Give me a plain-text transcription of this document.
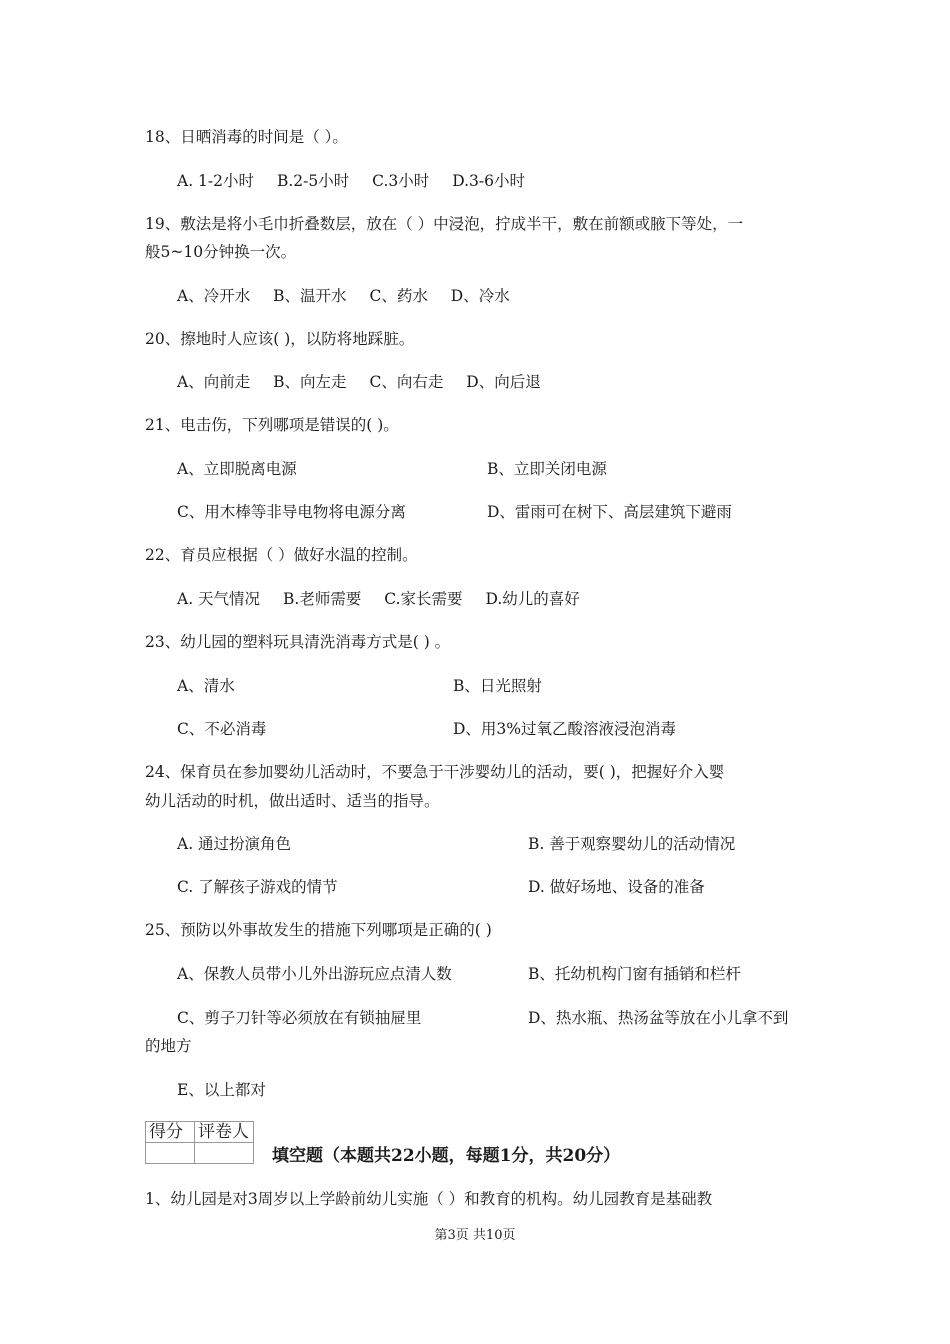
18、日晒消毒的时间是（ ）。
A. 1-2小时 B.2-5小时 C.3小时 D.3-6小时
19、敷法是将小毛巾折叠数层，放在（ ）中浸泡，拧成半干，敷在前额或腋下等处，一
般5~10分钟换一次。
A、冷开水 B、温开水 C、药水 D、冷水
20、擦地时人应该( )，以防将地踩脏。
A、向前走 B、向左走 C、向右走 D、向后退
21、电击伤，下列哪项是错误的( )。
A、立即脱离电源	B、立即关闭电源
C、用木棒等非导电物将电源分离	D、雷雨可在树下、高层建筑下避雨
22、育员应根据（ ）做好水温的控制。
A. 天气情况 B.老师需要 C.家长需要 D.幼儿的喜好
23、幼儿园的塑料玩具清洗消毒方式是( ) 。
A、清水	B、日光照射
C、不必消毒	D、用3%过氧乙酸溶液浸泡消毒
24、保育员在参加婴幼儿活动时，不要急于干涉婴幼儿的活动，要( )，把握好介入婴
幼儿活动的时机，做出适时、适当的指导。
A. 通过扮演角色	B. 善于观察婴幼儿的活动情况
C. 了解孩子游戏的情节	D. 做好场地、设备的准备
25、预防以外事故发生的措施下列哪项是正确的( )
A、保教人员带小儿外出游玩应点清人数	B、托幼机构门窗有插销和栏杆
C、剪子刀针等必须放在有锁抽屉里	D、热水瓶、热汤盆等放在小儿拿不到
的地方
E、以上都对
得分	评卷人

填空题（本题共22小题，每题1分，共20分）
1、幼儿园是对3周岁以上学龄前幼儿实施（ ）和教育的机构。幼儿园教育是基础教
第3页 共10页
